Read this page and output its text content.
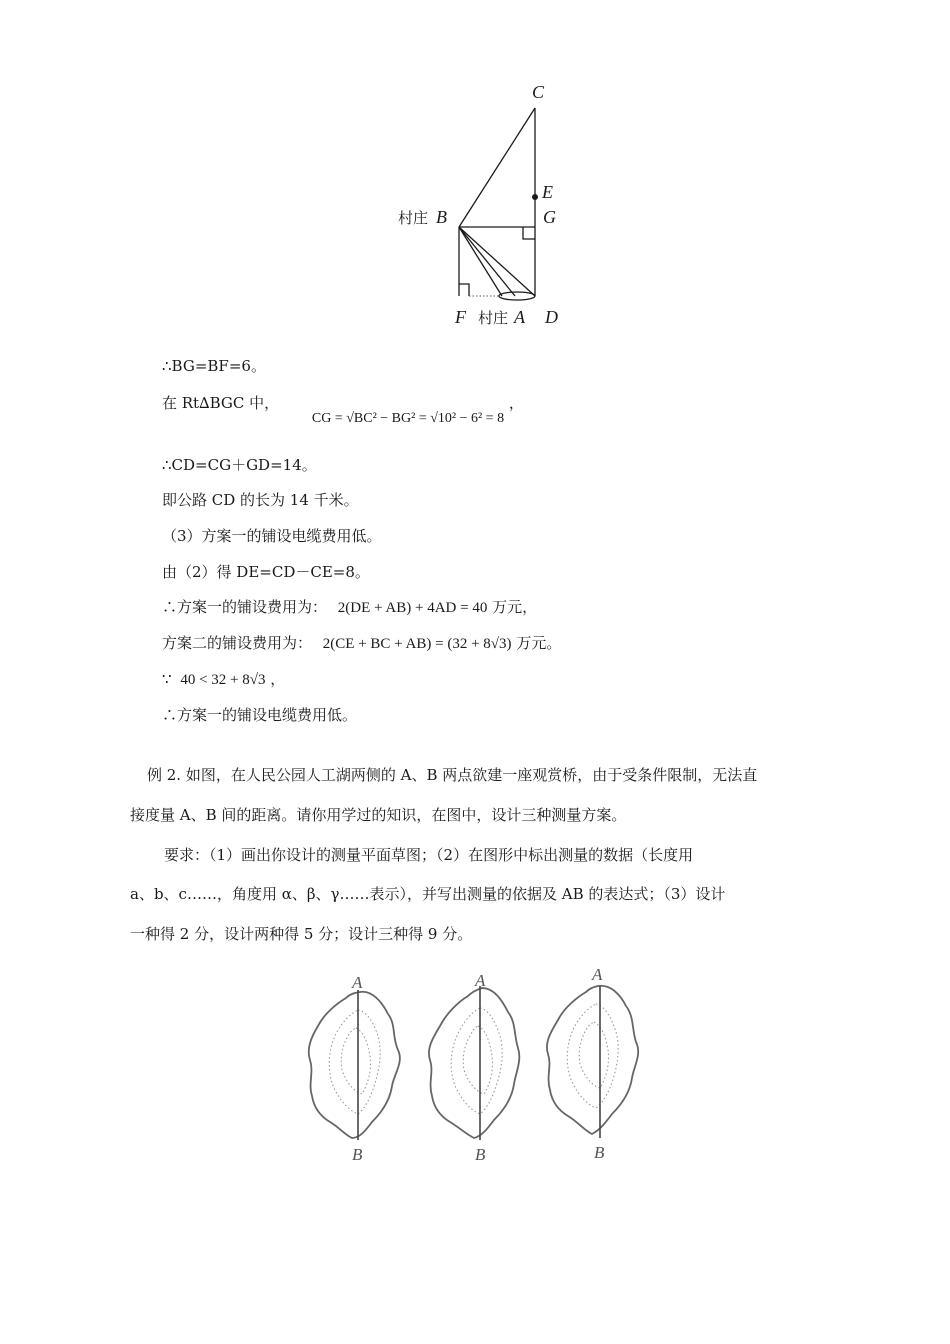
C
E
G
村庄 B
F 村庄 A D
∴BG=BF=6。
在 Rt∆BGC 中， CG = √BC² − BG² = √10² − 6² = 8 ，
∴CD=CG＋GD=14。
即公路 CD 的长为 14 千米。
（3）方案一的铺设电缆费用低。
由（2）得 DE=CD－CE=8。
∴方案一的铺设费用为： 2(DE + AB) + 4AD = 40 万元，
方案二的铺设费用为： 2(CE + BC + AB) = (32 + 8√3) 万元。
∵ 40 < 32 + 8√3 ，
∴方案一的铺设电缆费用低。
例 2. 如图，在人民公园人工湖两侧的 A、B 两点欲建一座观赏桥，由于受条件限制，无法直
接度量 A、B 间的距离。请你用学过的知识，在图中，设计三种测量方案。
要求：（1）画出你设计的测量平面草图；（2）在图形中标出测量的数据（长度用
a、b、c……，角度用 α、β、γ……表示），并写出测量的依据及 AB 的表达式；（3）设计
一种得 2 分，设计两种得 5 分；设计三种得 9 分。
A
B
A
B
A
B
